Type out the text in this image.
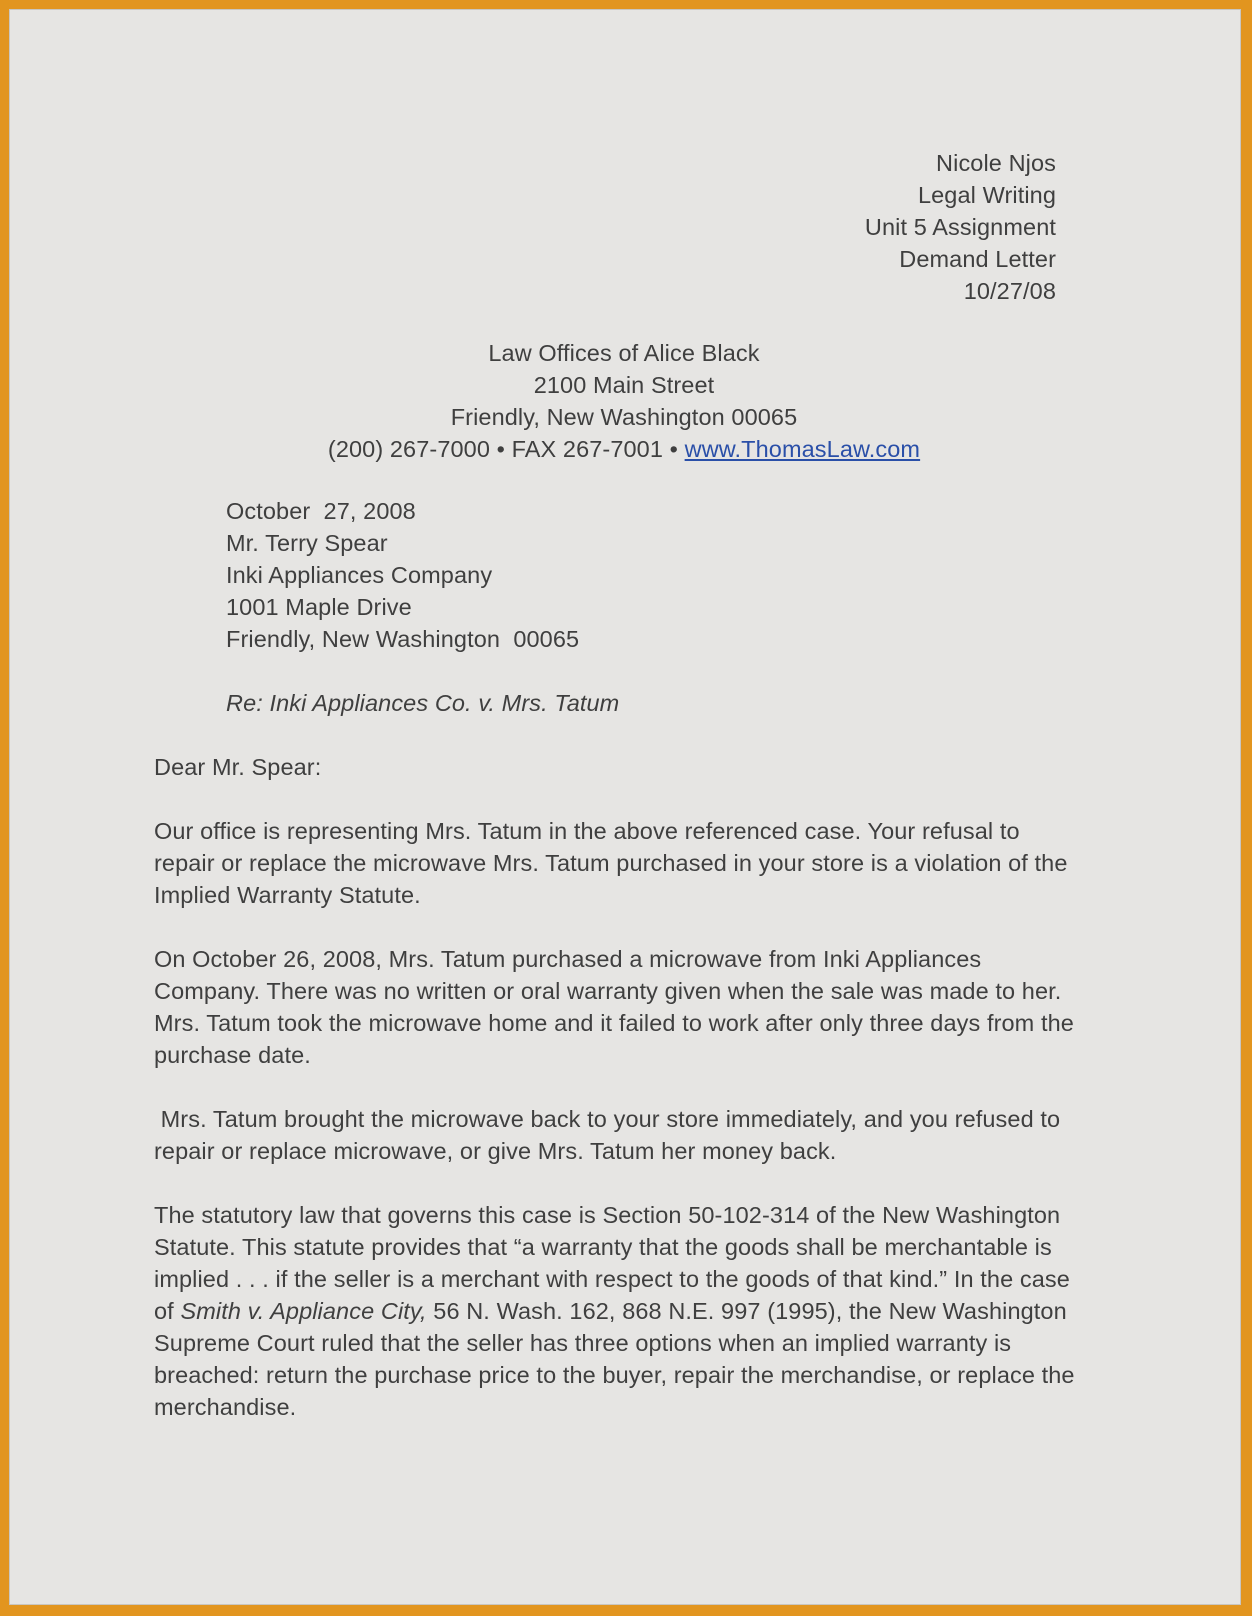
Nicole Njos
Legal Writing
Unit 5 Assignment
Demand Letter
10/27/08
Law Offices of Alice Black
2100 Main Street
Friendly, New Washington 00065
(200) 267-7000 • FAX 267-7001 • www.ThomasLaw.com
October  27, 2008
Mr. Terry Spear
Inki Appliances Company
1001 Maple Drive
Friendly, New Washington  00065
Re: Inki Appliances Co. v. Mrs. Tatum
Dear Mr. Spear:
Our office is representing Mrs. Tatum in the above referenced case. Your refusal to
repair or replace the microwave Mrs. Tatum purchased in your store is a violation of the
Implied Warranty Statute.
On October 26, 2008, Mrs. Tatum purchased a microwave from Inki Appliances
Company. There was no written or oral warranty given when the sale was made to her.
Mrs. Tatum took the microwave home and it failed to work after only three days from the
purchase date.
Mrs. Tatum brought the microwave back to your store immediately, and you refused to
repair or replace microwave, or give Mrs. Tatum her money back.
The statutory law that governs this case is Section 50-102-314 of the New Washington
Statute. This statute provides that “a warranty that the goods shall be merchantable is
implied . . . if the seller is a merchant with respect to the goods of that kind.” In the case
of Smith v. Appliance City, 56 N. Wash. 162, 868 N.E. 997 (1995), the New Washington
Supreme Court ruled that the seller has three options when an implied warranty is
breached: return the purchase price to the buyer, repair the merchandise, or replace the
merchandise.
